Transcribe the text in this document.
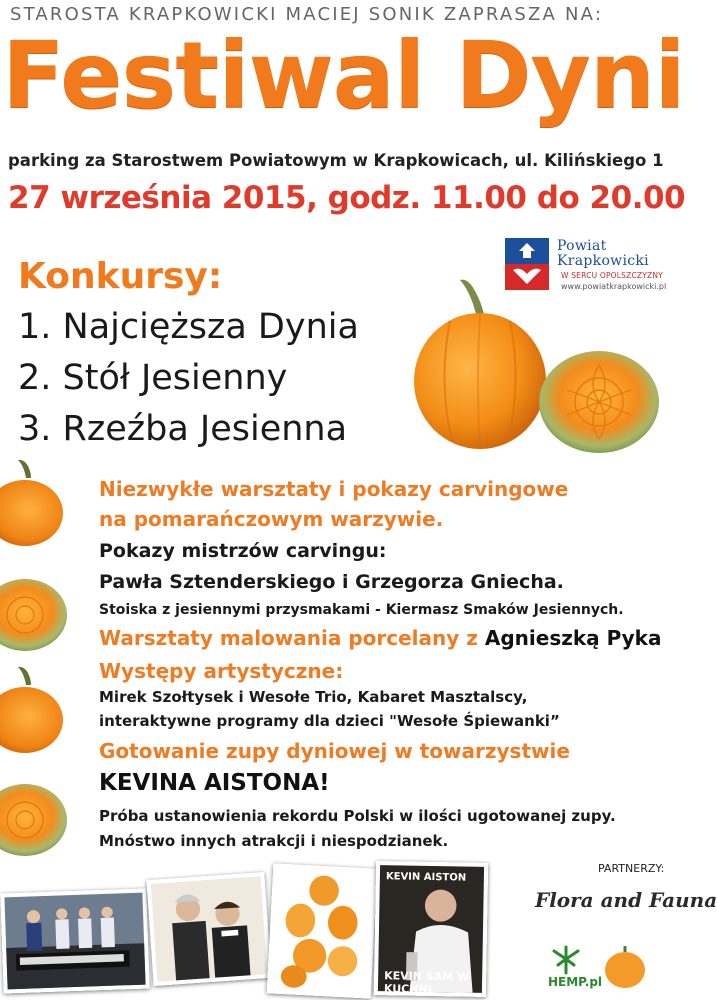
STAROSTA KRAPKOWICKI MACIEJ SONIK ZAPRASZA NA:
Festiwal Dyni
parking za Starostwem Powiatowym w Krapkowicach, ul. Kilińskiego 1
27 września 2015, godz. 11.00 do 20.00
Powiat
Krapkowicki
W SERCU OPOLSZCZYZNY
www.powiatkrapkowicki.pl
Konkursy:
1. Najcięższa Dynia
2. Stół Jesienny
3. Rzeźba Jesienna
Niezwykłe warsztaty i pokazy carvingowe
na pomarańczowym warzywie.
Pokazy mistrzów carvingu:
Pawła Sztenderskiego i Grzegorza Gniecha.
Stoiska z jesiennymi przysmakami - Kiermasz Smaków Jesiennych.
Warsztaty malowania porcelany z Agnieszką Pyka
Występy artystyczne:
Mirek Szołtysek i Wesołe Trio, Kabaret Masztalscy,
interaktywne programy dla dzieci "Wesołe Śpiewanki”
Gotowanie zupy dyniowej w towarzystwie
KEVINA AISTONA!
Próba ustanowienia rekordu Polski w ilości ugotowanej zupy.
Mnóstwo innych atrakcji i niespodzianek.
PARTNERZY:
KEVIN AISTON
KEVIN SAM W KUCHNI
Flora and Fauna
HEMP.pl
